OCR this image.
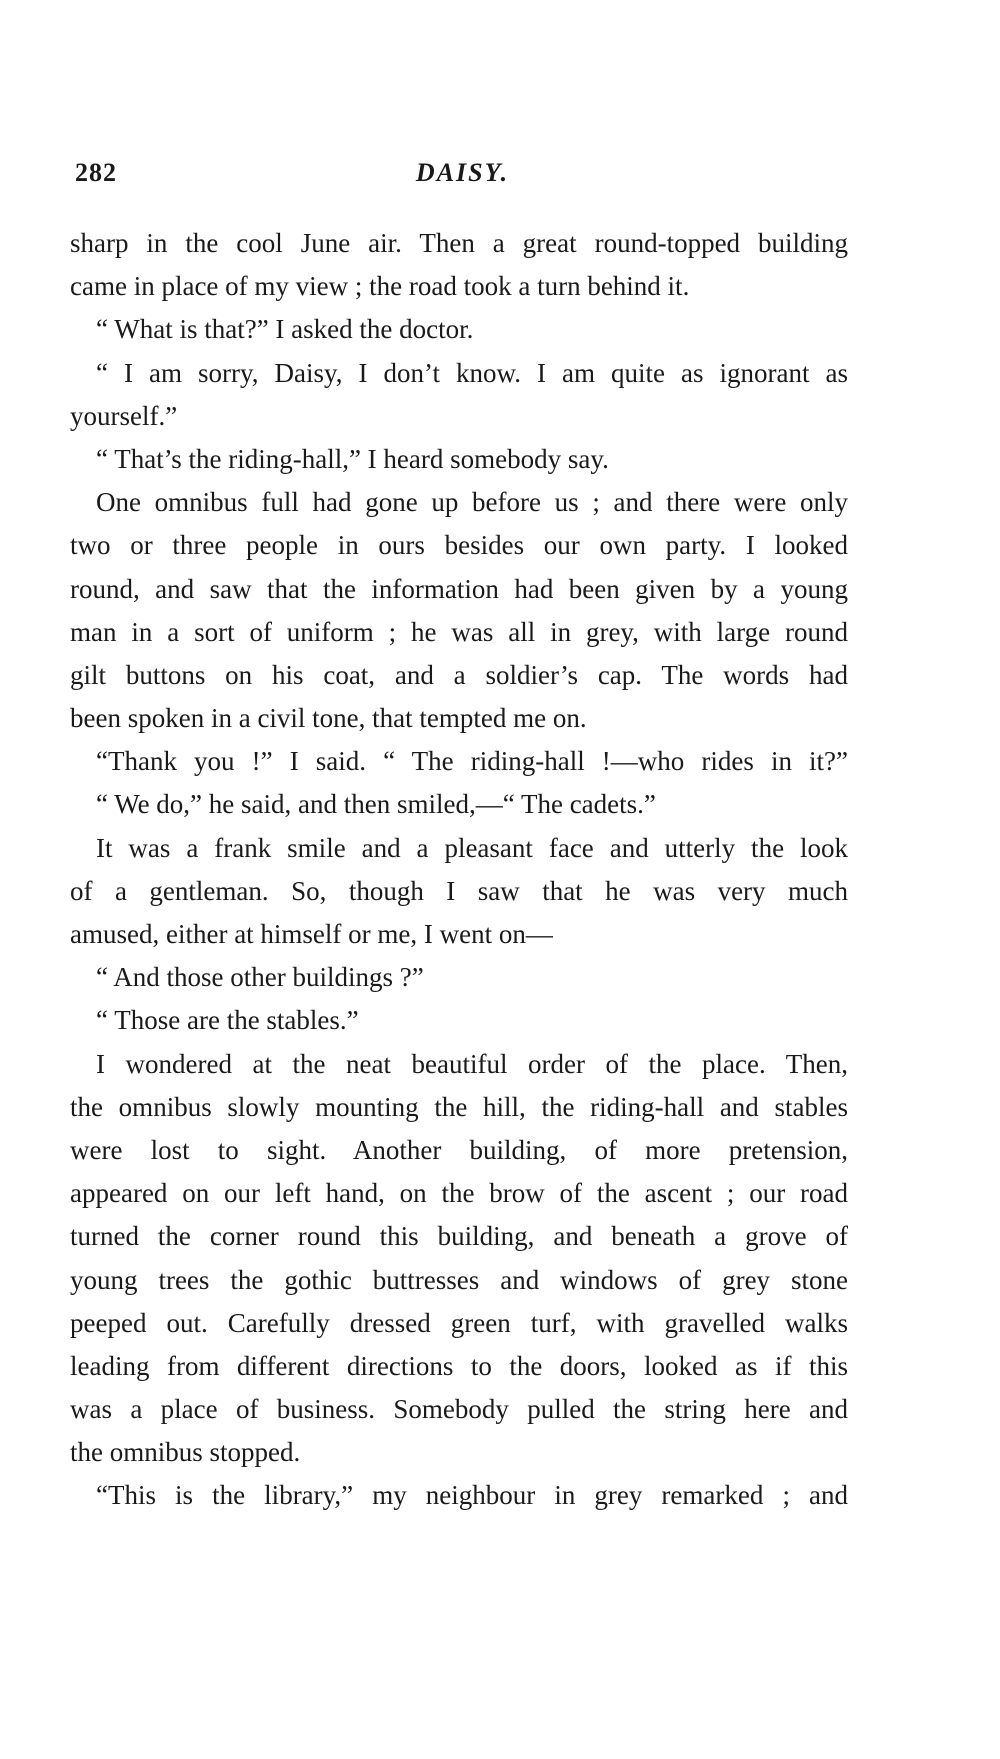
282	DAISY.
sharp in the cool June air. Then a great round-topped building
came in place of my view ; the road took a turn behind it.
“ What is that?” I asked the doctor.
“ I am sorry, Daisy, I don’t know. I am quite as ignorant as
yourself.”
“ That’s the riding-hall,” I heard somebody say.
One omnibus full had gone up before us ; and there were only
two or three people in ours besides our own party. I looked
round, and saw that the information had been given by a young
man in a sort of uniform ; he was all in grey, with large round
gilt buttons on his coat, and a soldier’s cap. The words had
been spoken in a civil tone, that tempted me on.
“Thank you !” I said. “ The riding-hall !—who rides in it?”
“ We do,” he said, and then smiled,—“ The cadets.”
It was a frank smile and a pleasant face and utterly the look
of a gentleman. So, though I saw that he was very much
amused, either at himself or me, I went on—
“ And those other buildings ?”
“ Those are the stables.”
I wondered at the neat beautiful order of the place. Then,
the omnibus slowly mounting the hill, the riding-hall and stables
were lost to sight. Another building, of more pretension,
appeared on our left hand, on the brow of the ascent ; our road
turned the corner round this building, and beneath a grove of
young trees the gothic buttresses and windows of grey stone
peeped out. Carefully dressed green turf, with gravelled walks
leading from different directions to the doors, looked as if this
was a place of business. Somebody pulled the string here and
the omnibus stopped.
“This is the library,” my neighbour in grey remarked ; and
